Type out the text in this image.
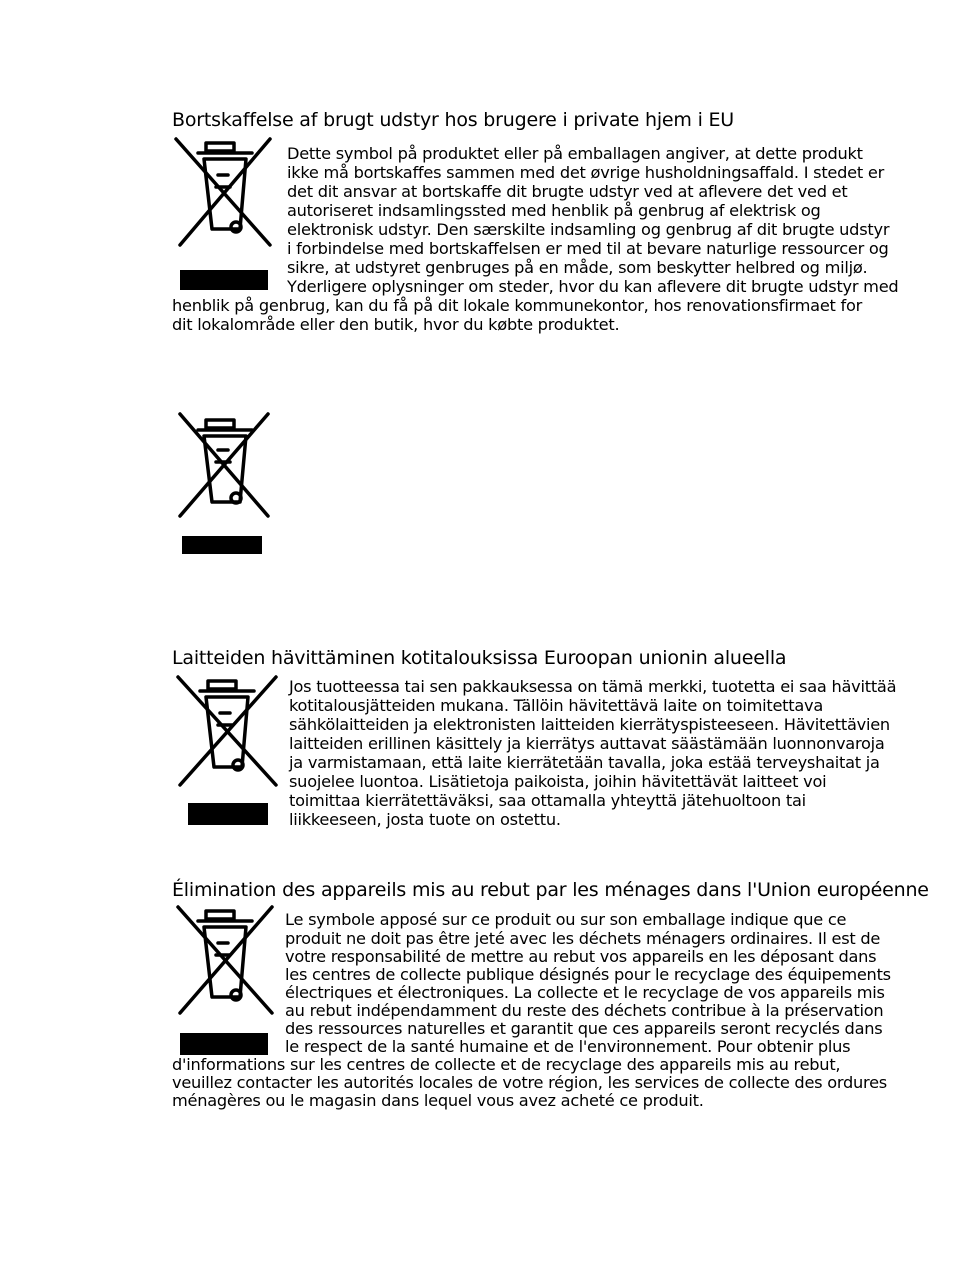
Bortskaffelse af brugt udstyr hos brugere i private hjem i EU
Dette symbol på produktet eller på emballagen angiver, at dette produkt
ikke må bortskaffes sammen med det øvrige husholdningsaffald. I stedet er
det dit ansvar at bortskaffe dit brugte udstyr ved at aflevere det ved et
autoriseret indsamlingssted med henblik på genbrug af elektrisk og
elektronisk udstyr. Den særskilte indsamling og genbrug af dit brugte udstyr
i forbindelse med bortskaffelsen er med til at bevare naturlige ressourcer og
sikre, at udstyret genbruges på en måde, som beskytter helbred og miljø.
Yderligere oplysninger om steder, hvor du kan aflevere dit brugte udstyr med
henblik på genbrug, kan du få på dit lokale kommunekontor, hos renovationsfirmaet for
dit lokalområde eller den butik, hvor du købte produktet.
Laitteiden hävittäminen kotitalouksissa Euroopan unionin alueella
Jos tuotteessa tai sen pakkauksessa on tämä merkki, tuotetta ei saa hävittää
kotitalousjätteiden mukana. Tällöin hävitettävä laite on toimitettava
sähkölaitteiden ja elektronisten laitteiden kierrätyspisteeseen. Hävitettävien
laitteiden erillinen käsittely ja kierrätys auttavat säästämään luonnonvaroja
ja varmistamaan, että laite kierrätetään tavalla, joka estää terveyshaitat ja
suojelee luontoa. Lisätietoja paikoista, joihin hävitettävät laitteet voi
toimittaa kierrätettäväksi, saa ottamalla yhteyttä jätehuoltoon tai
liikkeeseen, josta tuote on ostettu.
Élimination des appareils mis au rebut par les ménages dans l'Union européenne
Le symbole apposé sur ce produit ou sur son emballage indique que ce
produit ne doit pas être jeté avec les déchets ménagers ordinaires. Il est de
votre responsabilité de mettre au rebut vos appareils en les déposant dans
les centres de collecte publique désignés pour le recyclage des équipements
électriques et électroniques. La collecte et le recyclage de vos appareils mis
au rebut indépendamment du reste des déchets contribue à la préservation
des ressources naturelles et garantit que ces appareils seront recyclés dans
le respect de la santé humaine et de l'environnement. Pour obtenir plus
d'informations sur les centres de collecte et de recyclage des appareils mis au rebut,
veuillez contacter les autorités locales de votre région, les services de collecte des ordures
ménagères ou le magasin dans lequel vous avez acheté ce produit.
